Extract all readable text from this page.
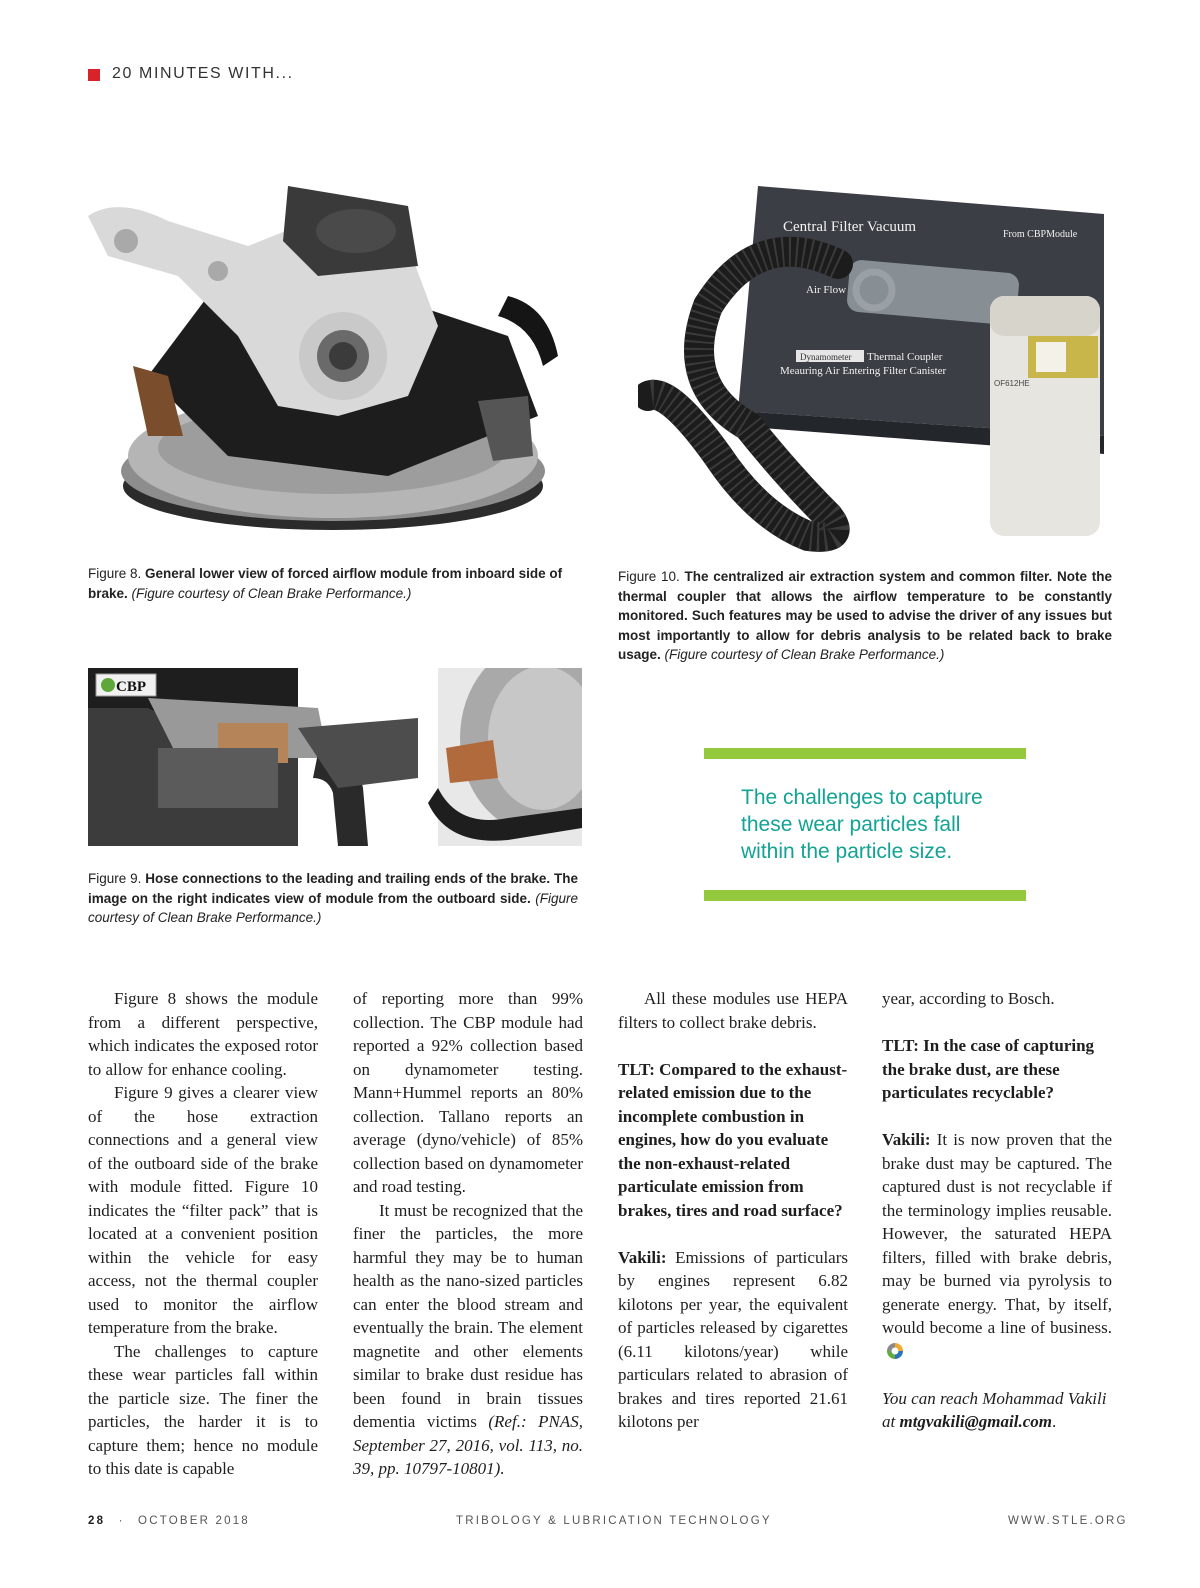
20 MINUTES WITH...
Central Filter Vacuum	From CBPModule
Air Flow
Dynamometer Thermal Coupler
Meauring Air Entering Filter Canister
OF612HE
Figure 8. General lower view of forced airflow module from inboard side of brake. (Figure courtesy of Clean Brake Performance.)
Figure 10. The centralized air extraction system and common filter. Note the thermal coupler that allows the airflow temperature to be constantly monitored. Such features may be used to advise the driver of any issues but most importantly to allow for debris analysis to be related back to brake usage. (Figure courtesy of Clean Brake Performance.)
CBP
Figure 9. Hose connections to the leading and trailing ends of the brake. The image on the right indicates view of module from the outboard side. (Figure courtesy of Clean Brake Performance.)
The challenges to capture these wear particles fall within the particle size.

Figure 8 shows the module from a different perspective, which indicates the exposed rotor to allow for enhance cooling.

Figure 9 gives a clearer view of the hose extraction connections and a general view of the outboard side of the brake with module fitted. Figure 10 indicates the “filter pack” that is located at a convenient position within the vehicle for easy access, not the thermal coupler used to monitor the airflow temperature from the brake.

The challenges to capture these wear particles fall within the particle size. The finer the particles, the harder it is to capture them; hence no module to this date is capable

of reporting more than 99% collection. The CBP module had reported a 92% collection based on dynamometer testing. Mann+Hummel reports an 80% collection. Tallano reports an average (dyno/vehicle) of 85% collection based on dynamometer and road testing.

It must be recognized that the finer the particles, the more harmful they may be to human health as the nano-sized particles can enter the blood stream and eventually the brain. The element magnetite and other elements similar to brake dust residue has been found in brain tissues dementia victims (Ref.: PNAS, September 27, 2016, vol. 113, no. 39, pp. 10797-10801).

All these modules use HEPA filters to collect brake debris.

TLT: Compared to the exhaust-related emission due to the incomplete combustion in engines, how do you evaluate the non-exhaust-related particulate emission from brakes, tires and road surface?

Vakili: Emissions of particulars by engines represent 6.82 kilotons per year, the equivalent of particles released by cigarettes (6.11 kilotons/year) while particulars related to abrasion of brakes and tires reported 21.61 kilotons per

year, according to Bosch.

TLT: In the case of capturing the brake dust, are these particulates recyclable?

Vakili: It is now proven that the brake dust may be captured. The captured dust is not recyclable if the terminology implies reusable. However, the saturated HEPA filters, filled with brake debris, may be burned via pyrolysis to generate energy. That, by itself, would become a line of business.

You can reach Mohammad Vakili at mtgvakili@gmail.com.

28 · OCTOBER 2018	TRIBOLOGY & LUBRICATION TECHNOLOGY	WWW.STLE.ORG
